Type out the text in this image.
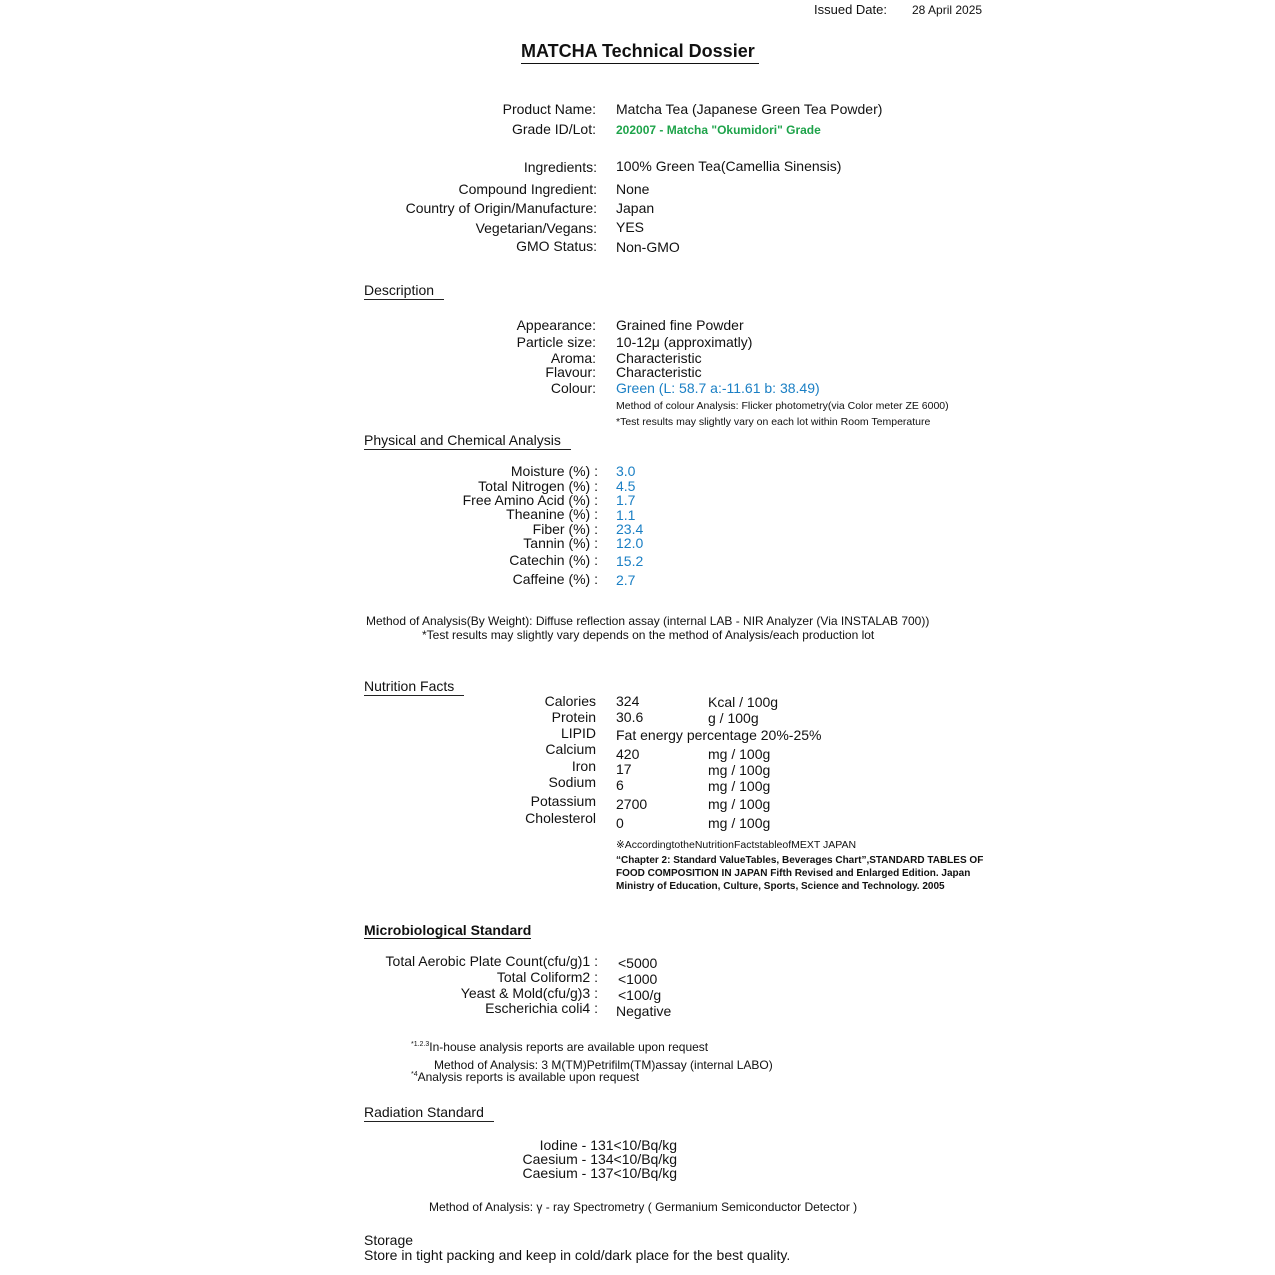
Issued Date: 28 April 2025
MATCHA Technical Dossier
Product Name: Matcha Tea (Japanese Green Tea Powder)
Grade ID/Lot: 202007 - Matcha "Okumidori" Grade
Ingredients: 100% Green Tea(Camellia Sinensis)
Compound Ingredient: None
Country of Origin/Manufacture: Japan
Vegetarian/Vegans: YES
GMO Status: Non-GMO
Description
Appearance: Grained fine Powder
Particle size: 10-12μ (approximatly)
Aroma: Characteristic
Flavour: Characteristic
Colour: Green (L: 58.7 a:-11.61 b: 38.49)
Method of colour Analysis: Flicker photometry(via Color meter ZE 6000)
*Test results may slightly vary on each lot within Room Temperature
Physical and Chemical Analysis
Moisture (%) : 3.0
Total Nitrogen (%) : 4.5
Free Amino Acid (%) : 1.7
Theanine (%) : 1.1
Fiber (%) : 23.4
Tannin (%) : 12.0
Catechin (%) : 15.2
Caffeine (%) : 2.7
Method of Analysis(By Weight): Diffuse reflection assay (internal LAB - NIR Analyzer (Via INSTALAB 700))
*Test results may slightly vary depends on the method of Analysis/each production lot
Nutrition Facts
Calories 324	Kcal / 100g
Protein 30.6	g / 100g
LIPID Fat energy percentage 20%-25%
Calcium 420	mg / 100g
Iron 17	mg / 100g
Sodium 6	mg / 100g
Potassium 2700	mg / 100g
Cholesterol 0	mg / 100g
※AccordingtotheNutritionFactstableofMEXT JAPAN
“Chapter 2: Standard ValueTables, Beverages Chart”,STANDARD TABLES OF
FOOD COMPOSITION IN JAPAN Fifth Revised and Enlarged Edition. Japan
Ministry of Education, Culture, Sports, Science and Technology. 2005
Microbiological Standard
Total Aerobic Plate Count(cfu/g)1 : <5000
Total Coliform2 : <1000
Yeast & Mold(cfu/g)3 : <100/g
Escherichia coli4 : Negative
$^{*1.2.3}$In-house analysis reports are available upon request
Method of Analysis: 3 M(TM)Petrifilm(TM)assay (internal LABO)
$^{*4}$Analysis reports is available upon request
Radiation Standard
Iodine - 131<10/Bq/kg
Caesium - 134<10/Bq/kg
Caesium - 137<10/Bq/kg
Method of Analysis: γ - ray Spectrometry ( Germanium Semiconductor Detector )
Storage
Store in tight packing and keep in cold/dark place for the best quality.
